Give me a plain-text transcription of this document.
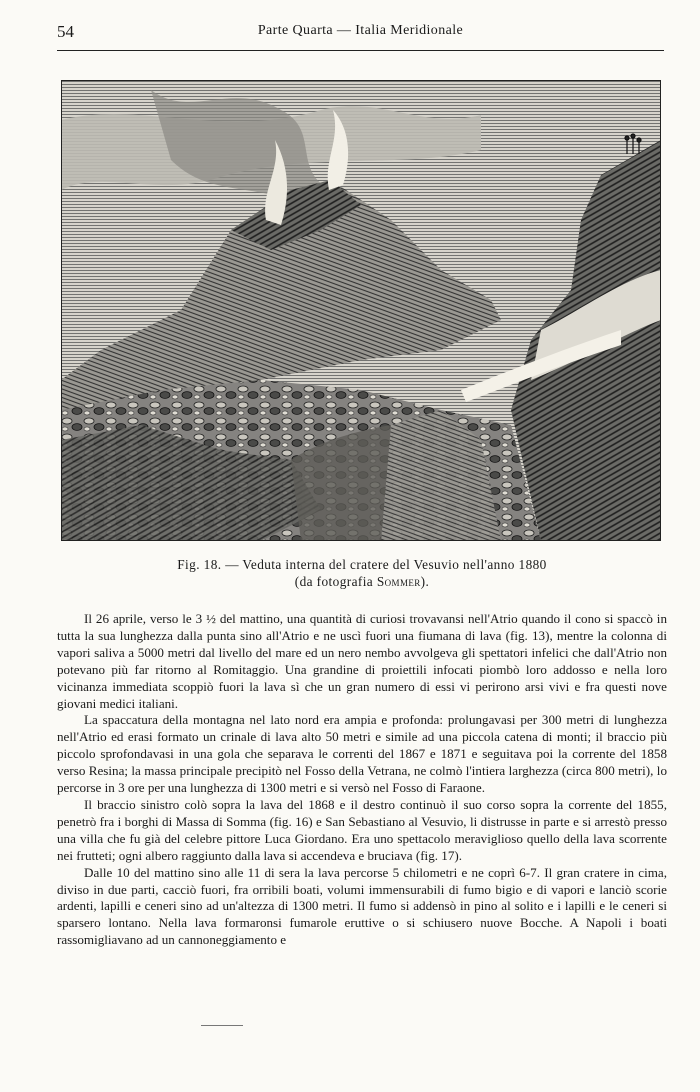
54	Parte Quarta — Italia Meridionale
Fig. 18. — Veduta interna del cratere del Vesuvio nell'anno 1880
(da fotografia Sommer).

Il 26 aprile, verso le 3 ½ del mattino, una quantità di curiosi trovavansi nell'Atrio quando il cono si spaccò in tutta la sua lunghezza dalla punta sino all'Atrio e ne uscì fuori una fiumana di lava (fig. 13), mentre la colonna di vapori saliva a 5000 metri dal livello del mare ed un nero nembo avvolgeva gli spettatori infelici che dall'Atrio non potevano più far ritorno al Romitaggio. Una grandine di proiettili infocati piombò loro addosso e nella loro vicinanza immediata scoppiò fuori la lava sì che un gran numero di essi vi perirono arsi vivi e fra questi nove giovani medici italiani.

La spaccatura della montagna nel lato nord era ampia e profonda: prolungavasi per 300 metri di lunghezza nell'Atrio ed erasi formato un crinale di lava alto 50 metri e simile ad una piccola catena di monti; il braccio più piccolo sprofondavasi in una gola che separava le correnti del 1867 e 1871 e seguitava poi la corrente del 1858 verso Resina; la massa principale precipitò nel Fosso della Vetrana, ne colmò l'intiera larghezza (circa 800 metri), lo percorse in 3 ore per una lunghezza di 1300 metri e si versò nel Fosso di Faraone.

Il braccio sinistro colò sopra la lava del 1868 e il destro continuò il suo corso sopra la corrente del 1855, penetrò fra i borghi di Massa di Somma (fig. 16) e San Sebastiano al Vesuvio, li distrusse in parte e si arrestò presso una villa che fu già del celebre pittore Luca Giordano. Era uno spettacolo meraviglioso quello della lava scorrente nei frutteti; ogni albero raggiunto dalla lava si accendeva e bruciava (fig. 17).

Dalle 10 del mattino sino alle 11 di sera la lava percorse 5 chilometri e ne coprì 6-7. Il gran cratere in cima, diviso in due parti, cacciò fuori, fra orribili boati, volumi immensurabili di fumo bigio e di vapori e lanciò scorie ardenti, lapilli e ceneri sino ad un'altezza di 1300 metri. Il fumo si addensò in pino al solito e i lapilli e le ceneri si sparsero lontano. Nella lava formaronsi fumarole eruttive o si schiusero nuove Bocche. A Napoli i boati rassomigliavano ad un cannoneggiamento e
